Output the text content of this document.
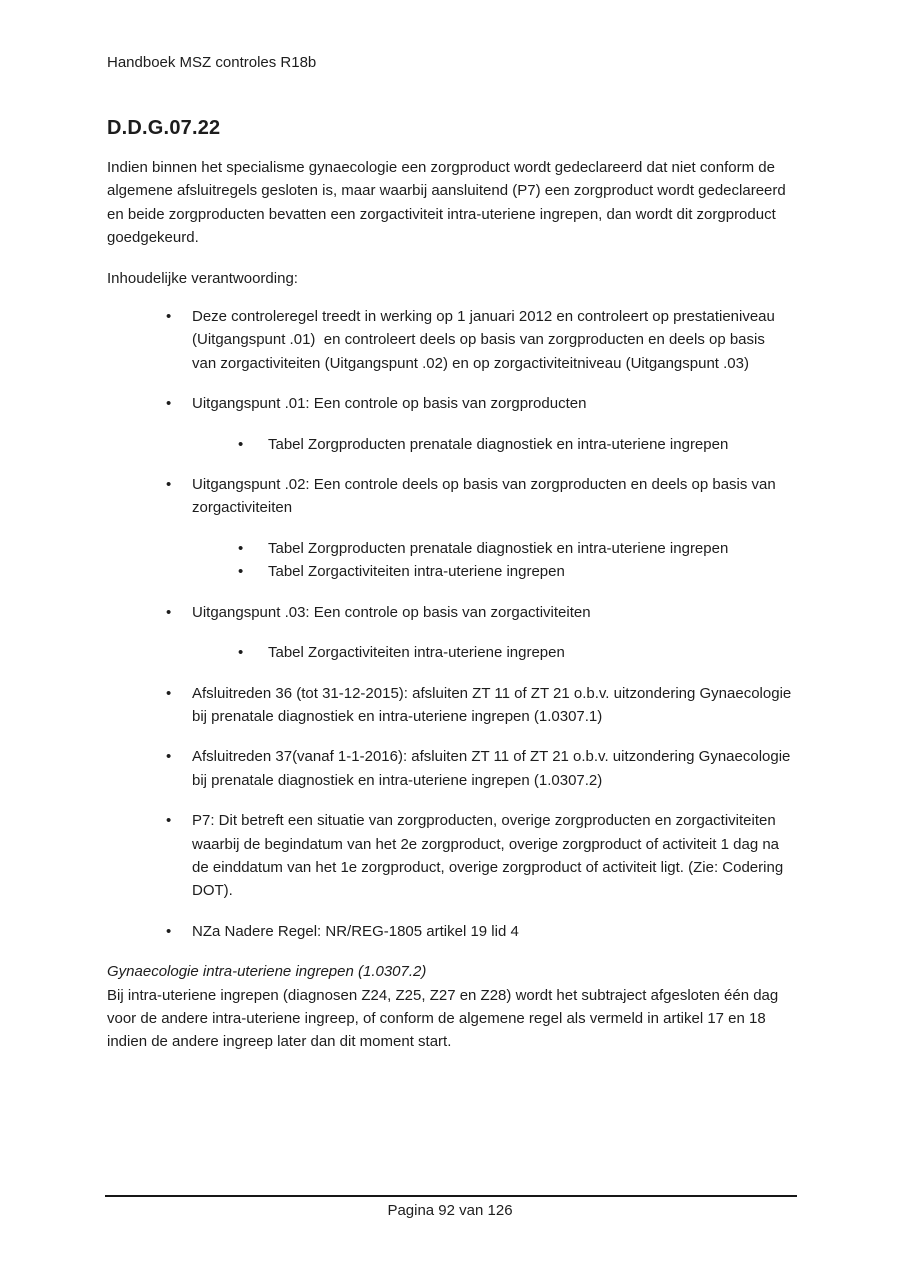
Handboek MSZ controles R18b
D.D.G.07.22

Indien binnen het specialisme gynaecologie een zorgproduct wordt gedeclareerd dat niet conform de algemene afsluitregels gesloten is, maar waarbij aansluitend (P7) een zorgproduct wordt gedeclareerd en beide zorgproducten bevatten een zorgactiviteit intra-uteriene ingrepen, dan wordt dit zorgproduct goedgekeurd.

Inhoudelijke verantwoording:
• Deze controleregel treedt in werking op 1 januari 2012 en controleert op prestatieniveau (Uitgangspunt .01)  en controleert deels op basis van zorgproducten en deels op basis van zorgactiviteiten (Uitgangspunt .02) en op zorgactiviteitniveau (Uitgangspunt .03)
• Uitgangspunt .01: Een controle op basis van zorgproducten
• Tabel Zorgproducten prenatale diagnostiek en intra-uteriene ingrepen
• Uitgangspunt .02: Een controle deels op basis van zorgproducten en deels op basis van zorgactiviteiten
• Tabel Zorgproducten prenatale diagnostiek en intra-uteriene ingrepen
• Tabel Zorgactiviteiten intra-uteriene ingrepen
• Uitgangspunt .03: Een controle op basis van zorgactiviteiten
• Tabel Zorgactiviteiten intra-uteriene ingrepen
• Afsluitreden 36 (tot 31-12-2015): afsluiten ZT 11 of ZT 21 o.b.v. uitzondering Gynaecologie bij prenatale diagnostiek en intra-uteriene ingrepen (1.0307.1)
• Afsluitreden 37(vanaf 1-1-2016): afsluiten ZT 11 of ZT 21 o.b.v. uitzondering Gynaecologie bij prenatale diagnostiek en intra-uteriene ingrepen (1.0307.2)
• P7: Dit betreft een situatie van zorgproducten, overige zorgproducten en zorgactiviteiten waarbij de begindatum van het 2e zorgproduct, overige zorgproduct of activiteit 1 dag na de einddatum van het 1e zorgproduct, overige zorgproduct of activiteit ligt. (Zie: Codering DOT).
• NZa Nadere Regel: NR/REG-1805 artikel 19 lid 4
Gynaecologie intra-uteriene ingrepen (1.0307.2)
Bij intra-uteriene ingrepen (diagnosen Z24, Z25, Z27 en Z28) wordt het subtraject afgesloten één dag voor de andere intra-uteriene ingreep, of conform de algemene regel als vermeld in artikel 17 en 18 indien de andere ingreep later dan dit moment start.
Pagina 92 van 126
